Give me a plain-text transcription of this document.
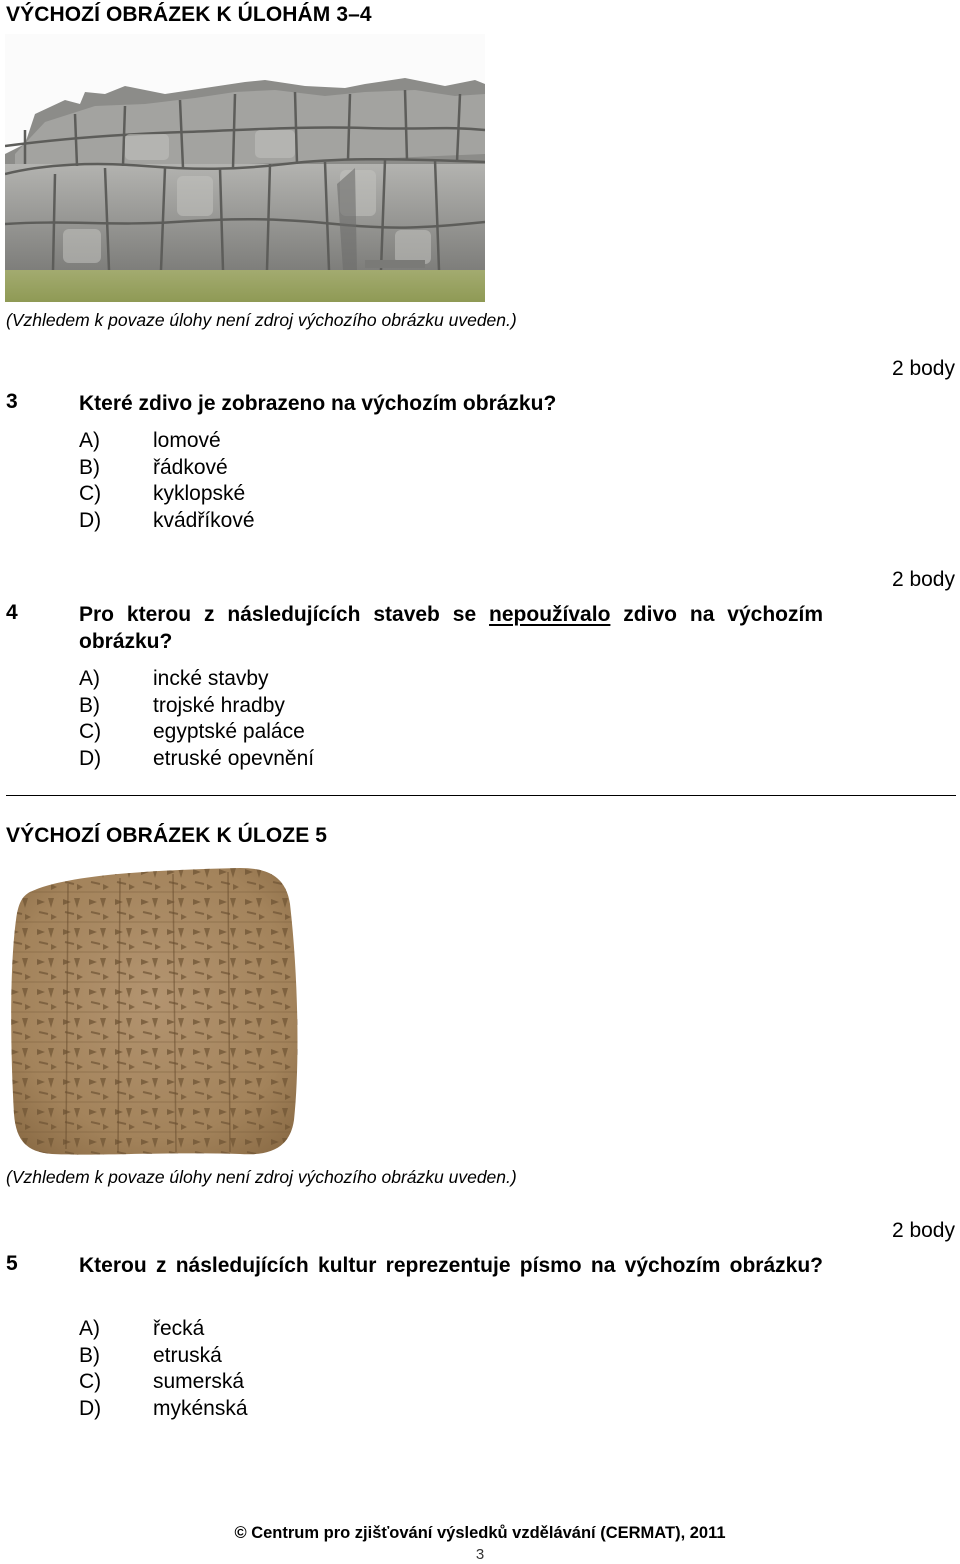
VÝCHOZÍ OBRÁZEK K ÚLOHÁM 3–4
(Vzhledem k povaze úlohy není zdroj výchozího obrázku uveden.)
2 body
3	Které zdivo je zobrazeno na výchozím obrázku?
A)	lomové
B)	řádkové
C) kyklopské
D) kvádříkové
2 body
4	Pro kterou z následujících staveb se nepoužívalo zdivo na výchozím obrázku?
A)	incké stavby
B)	trojské hradby
C) egyptské paláce
D) etruské opevnění
VÝCHOZÍ OBRÁZEK K ÚLOZE 5
(Vzhledem k povaze úlohy není zdroj výchozího obrázku uveden.)
2 body
5	Kterou z následujících kultur reprezentuje písmo na výchozím obrázku?
A)	řecká
B)	etruská
C) sumerská
D) mykénská
© Centrum pro zjišťování výsledků vzdělávání (CERMAT), 2011
3
